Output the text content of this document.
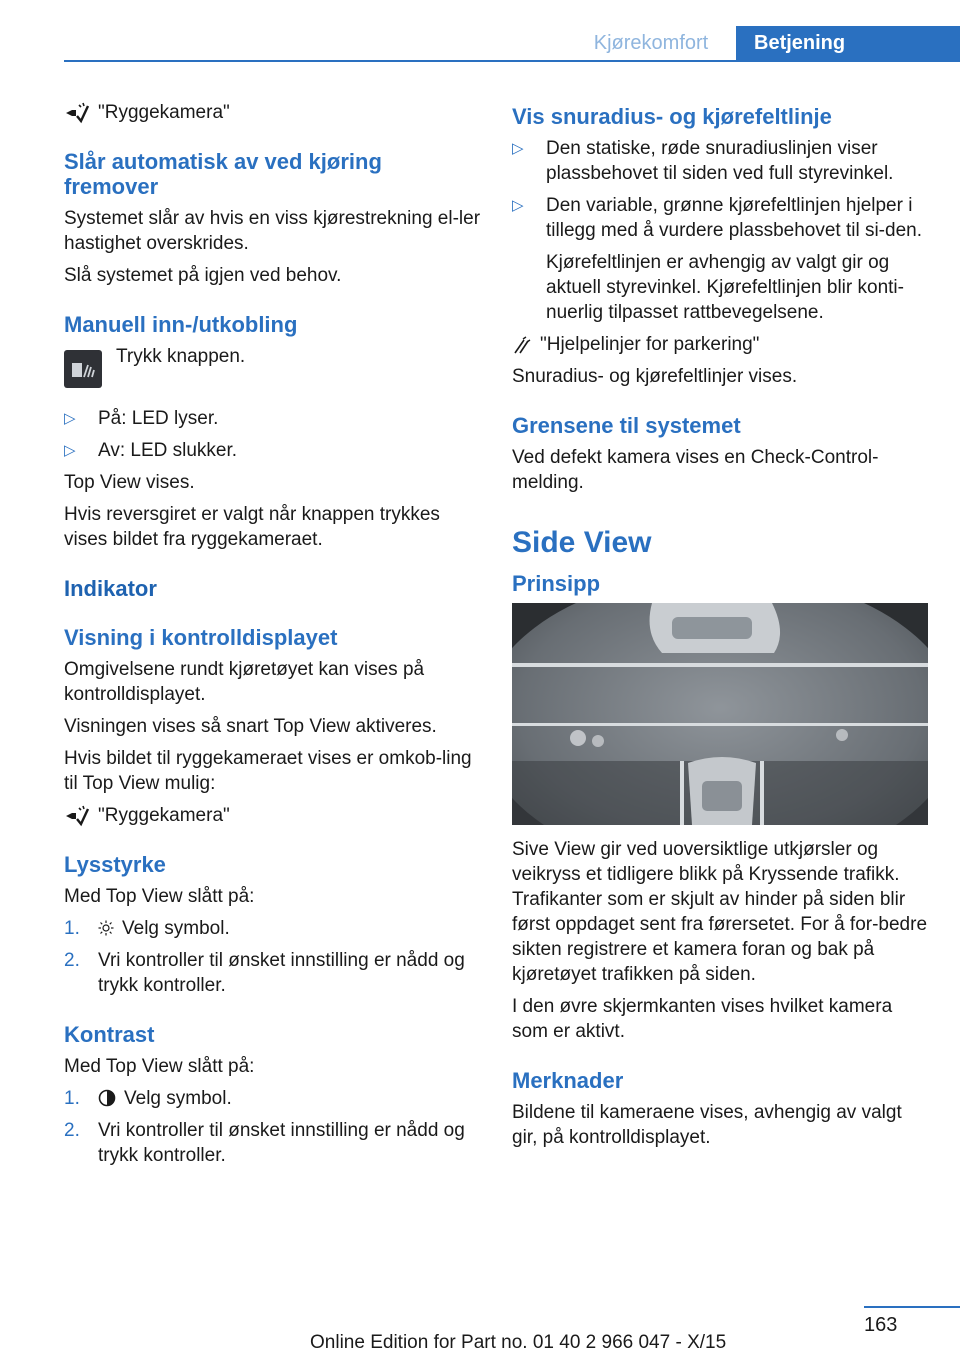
Kjørekomfort	Betjening
"Ryggekamera"
Slår automatisk av ved kjøring fremover

Systemet slår av hvis en viss kjørestrekning el-ler hastighet overskrides.

Slå systemet på igjen ved behov.

Manuell inn-/utkobling
Trykk knappen.
▷	På: LED lyser.
▷	Av: LED slukker.

Top View vises.

Hvis reversgiret er valgt når knappen trykkes vises bildet fra ryggekameraet.

Indikator
Visning i kontrolldisplayet

Omgivelsene rundt kjøretøyet kan vises på kontrolldisplayet.

Visningen vises så snart Top View aktiveres.

Hvis bildet til ryggekameraet vises er omkob-ling til Top View mulig:

"Ryggekamera"
Lysstyrke

Med Top View slått på:

1.	Velg symbol.
2. Vri kontroller til ønsket innstilling er nådd og trykk kontroller.
Kontrast

Med Top View slått på:

1.	Velg symbol.
2. Vri kontroller til ønsket innstilling er nådd og trykk kontroller.
Vis snuradius- og kjørefeltlinje
▷	Den statiske, røde snuradiuslinjen viser plassbehovet til siden ved full styrevinkel.
▷	Den variable, grønne kjørefeltlinjen hjelper i tillegg med å vurdere plassbehovet til si-den.

Kjørefeltlinjen er avhengig av valgt gir og aktuell styrevinkel. Kjørefeltlinjen blir konti-nuerlig tilpasset rattbevegelsene.

"Hjelpelinjer for parkering"

Snuradius- og kjørefeltlinjer vises.

Grensene til systemet

Ved defekt kamera vises en Check-Control-melding.

Side View
Prinsipp

Sive View gir ved uoversiktlige utkjørsler og veikryss et tidligere blikk på Kryssende trafikk. Trafikanter som er skjult av hinder på siden blir først oppdaget sent fra førersetet. For å for-bedre sikten registrere et kamera foran og bak på kjøretøyet trafikken på siden.

I den øvre skjermkanten vises hvilket kamera som er aktivt.

Merknader

Bildene til kameraene vises, avhengig av valgt gir, på kontrolldisplayet.

163
Online Edition for Part no. 01 40 2 966 047 - X/15
